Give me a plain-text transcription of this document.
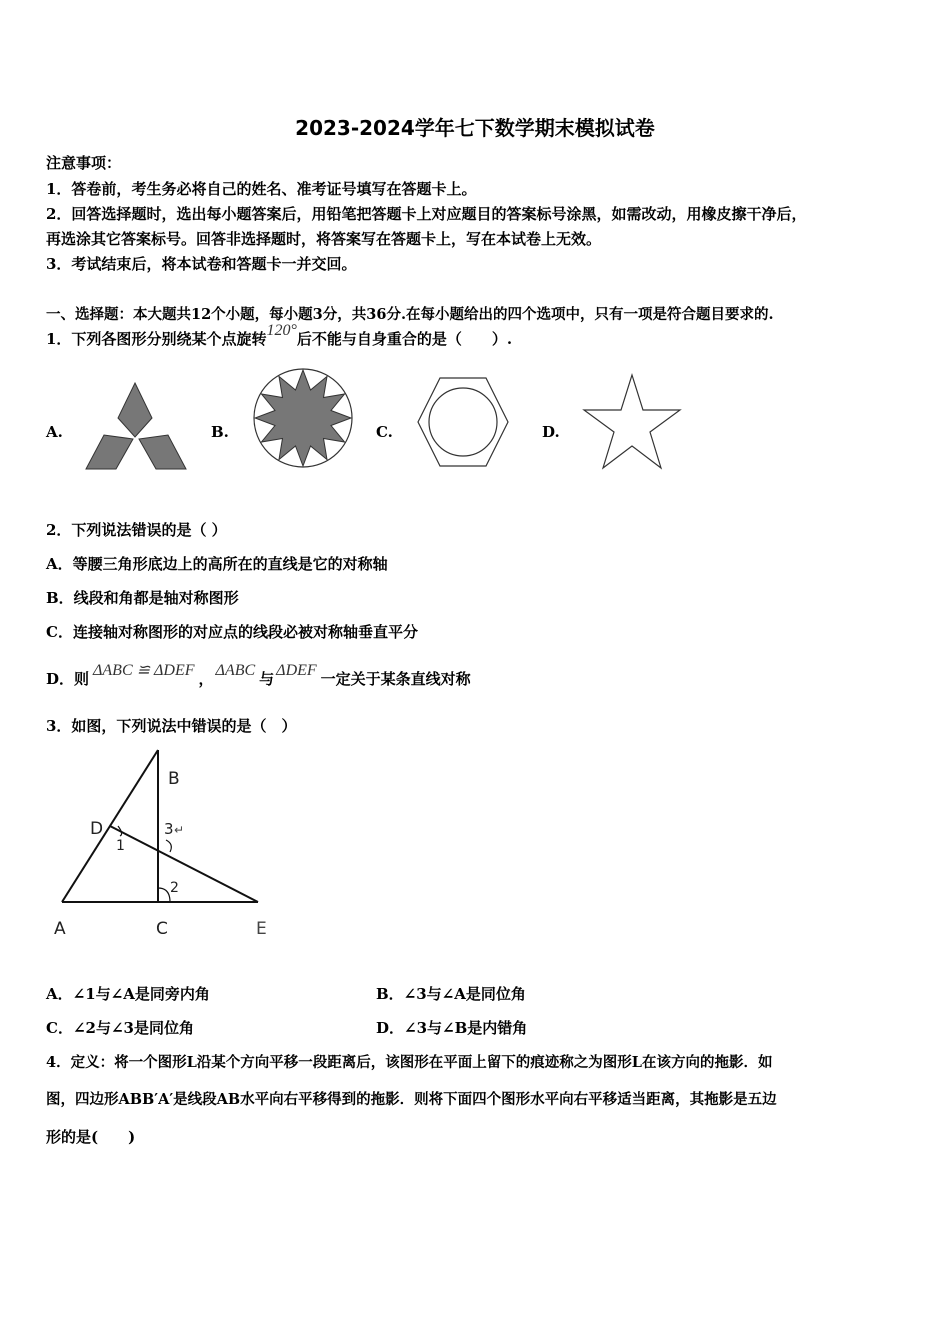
2023-2024学年七下数学期末模拟试卷
注意事项：
1．答卷前，考生务必将自己的姓名、准考证号填写在答题卡上。
2．回答选择题时，选出每小题答案后，用铅笔把答题卡上对应题目的答案标号涂黑，如需改动，用橡皮擦干净后，
再选涂其它答案标号。回答非选择题时，将答案写在答题卡上，写在本试卷上无效。
3．考试结束后，将本试卷和答题卡一并交回。
一、选择题：本大题共12个小题，每小题3分，共36分.在每小题给出的四个选项中，只有一项是符合题目要求的.
1．下列各图形分别绕某个点旋转120°后不能与自身重合的是（　　）.
A.	B.	C.	D.
2．下列说法错误的是（ ）
A．等腰三角形底边上的高所在的直线是它的对称轴
B．线段和角都是轴对称图形
C．连接轴对称图形的对应点的线段必被对称轴垂直平分
D．则 ΔABC ≌ ΔDEF ， ΔABC 与 ΔDEF 一定关于某条直线对称
3．如图，下列说法中错误的是（　）
A	C	E
B
D
1
2
3 ↵
A．∠1与∠A是同旁内角	B．∠3与∠A是同位角
C．∠2与∠3是同位角	D．∠3与∠B是内错角
4．定义：将一个图形L沿某个方向平移一段距离后，该图形在平面上留下的痕迹称之为图形L在该方向的拖影．如
图，四边形ABB′A′是线段AB水平向右平移得到的拖影．则将下面四个图形水平向右平移适当距离，其拖影是五边
形的是(　　)
